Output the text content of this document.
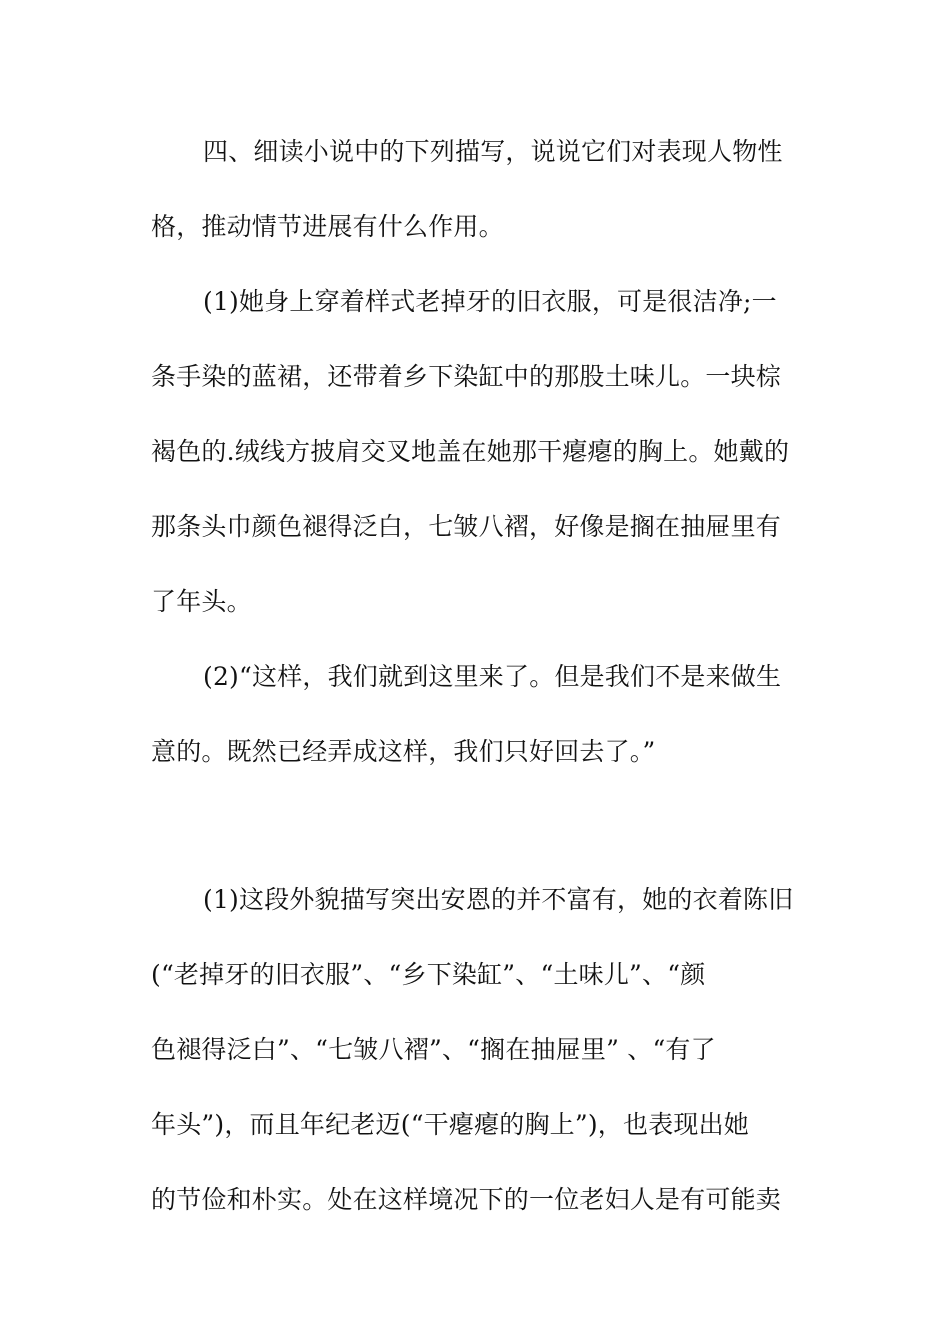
四、细读小说中的下列描写，说说它们对表现人物性
格，推动情节进展有什么作用。
(1)她身上穿着样式老掉牙的旧衣服，可是很洁净;一
条手染的蓝裙，还带着乡下染缸中的那股土味儿。一块棕
褐色的.绒线方披肩交叉地盖在她那干瘪瘪的胸上。她戴的
那条头巾颜色褪得泛白，七皱八褶，好像是搁在抽屉里有
了年头。
(2)“这样，我们就到这里来了。但是我们不是来做生
意的。既然已经弄成这样，我们只好回去了。”
(1)这段外貌描写突出安恩的并不富有，她的衣着陈旧
(“老掉牙的旧衣服”、“乡下染缸”、“土味儿”、“颜
色褪得泛白”、“七皱八褶”、“搁在抽屉里” 、“有了
年头”)，而且年纪老迈(“干瘪瘪的胸上”)，也表现出她
的节俭和朴实。处在这样境况下的一位老妇人是有可能卖
